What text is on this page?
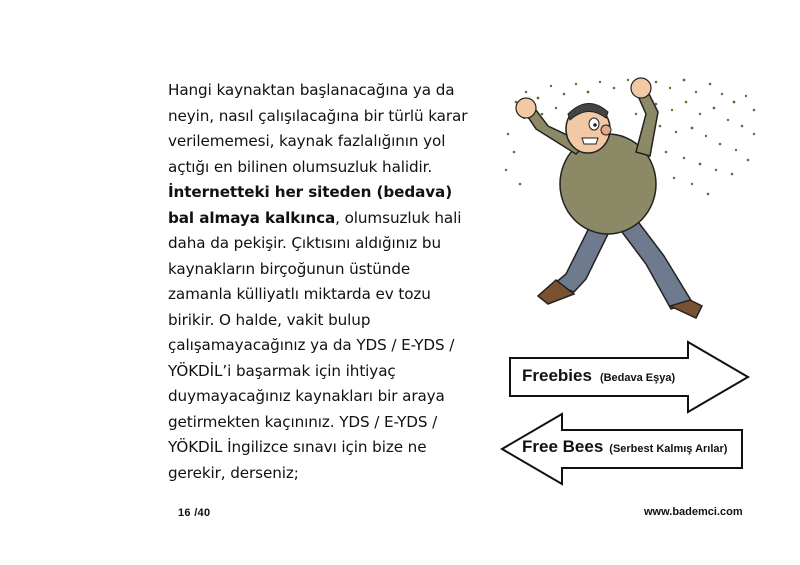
Hangi kaynaktan başlanacağına ya da neyin, nasıl çalışılacağına bir türlü karar verilememesi, kaynak fazlalığının yol açtığı en bilinen olumsuzluk halidir. İnternetteki her siteden (bedava) bal almaya kalkınca, olumsuzluk hali daha da pekişir. Çıktısını aldığınız bu kaynakların birçoğunun üstünde zamanla külliyatlı miktarda ev tozu birikir. O halde, vakit bulup çalışamayacağınız ya da YDS / E-YDS / YÖKDİL’i başarmak için ihtiyaç duymayacağınız kaynakları bir araya getirmekten kaçınınız. YDS / E-YDS / YÖKDİL İngilizce sınavı için bize ne gerekir, derseniz;
Freebies (Bedava Eşya)
Free Bees (Serbest Kalmış Arılar)
16 /40	www.bademci.com
